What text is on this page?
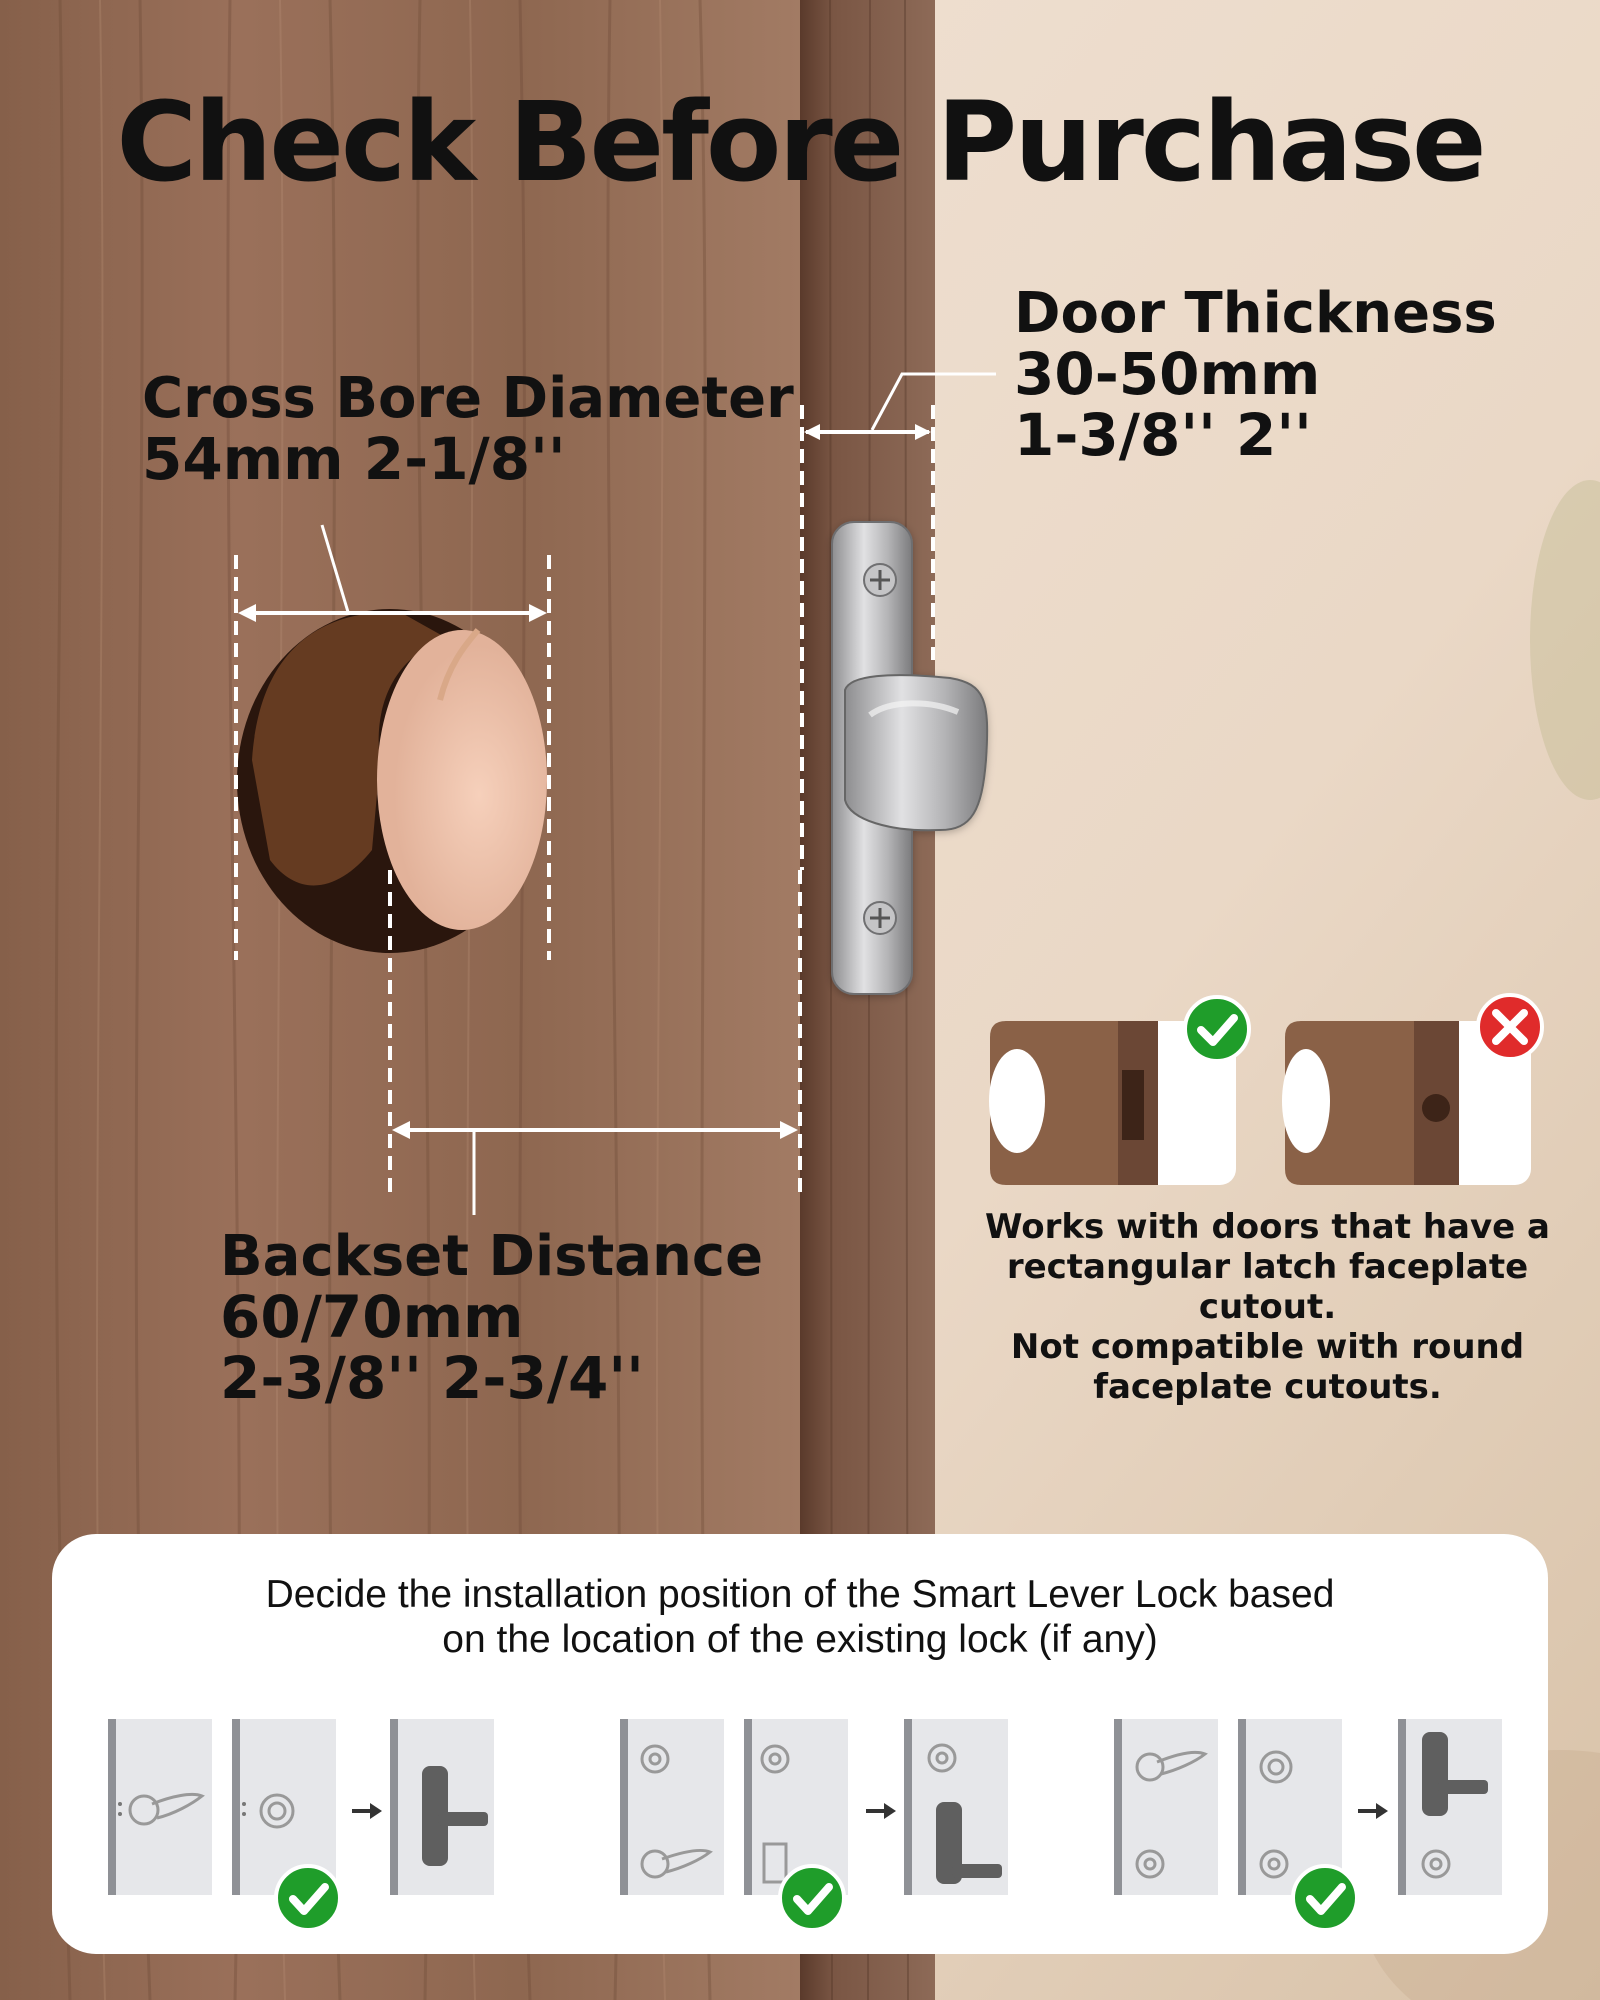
Check Before Purchase
Cross Bore Diameter
54mm 2-1/8''
Door Thickness
30-50mm
1-3/8'' 2''
Backset Distance
60/70mm
2-3/8'' 2-3/4''
Works with doors that have a
rectangular latch faceplate cutout.
Not compatible with round
faceplate cutouts.
Decide the installation position of the Smart Lever Lock based
on the location of the existing lock (if any)
